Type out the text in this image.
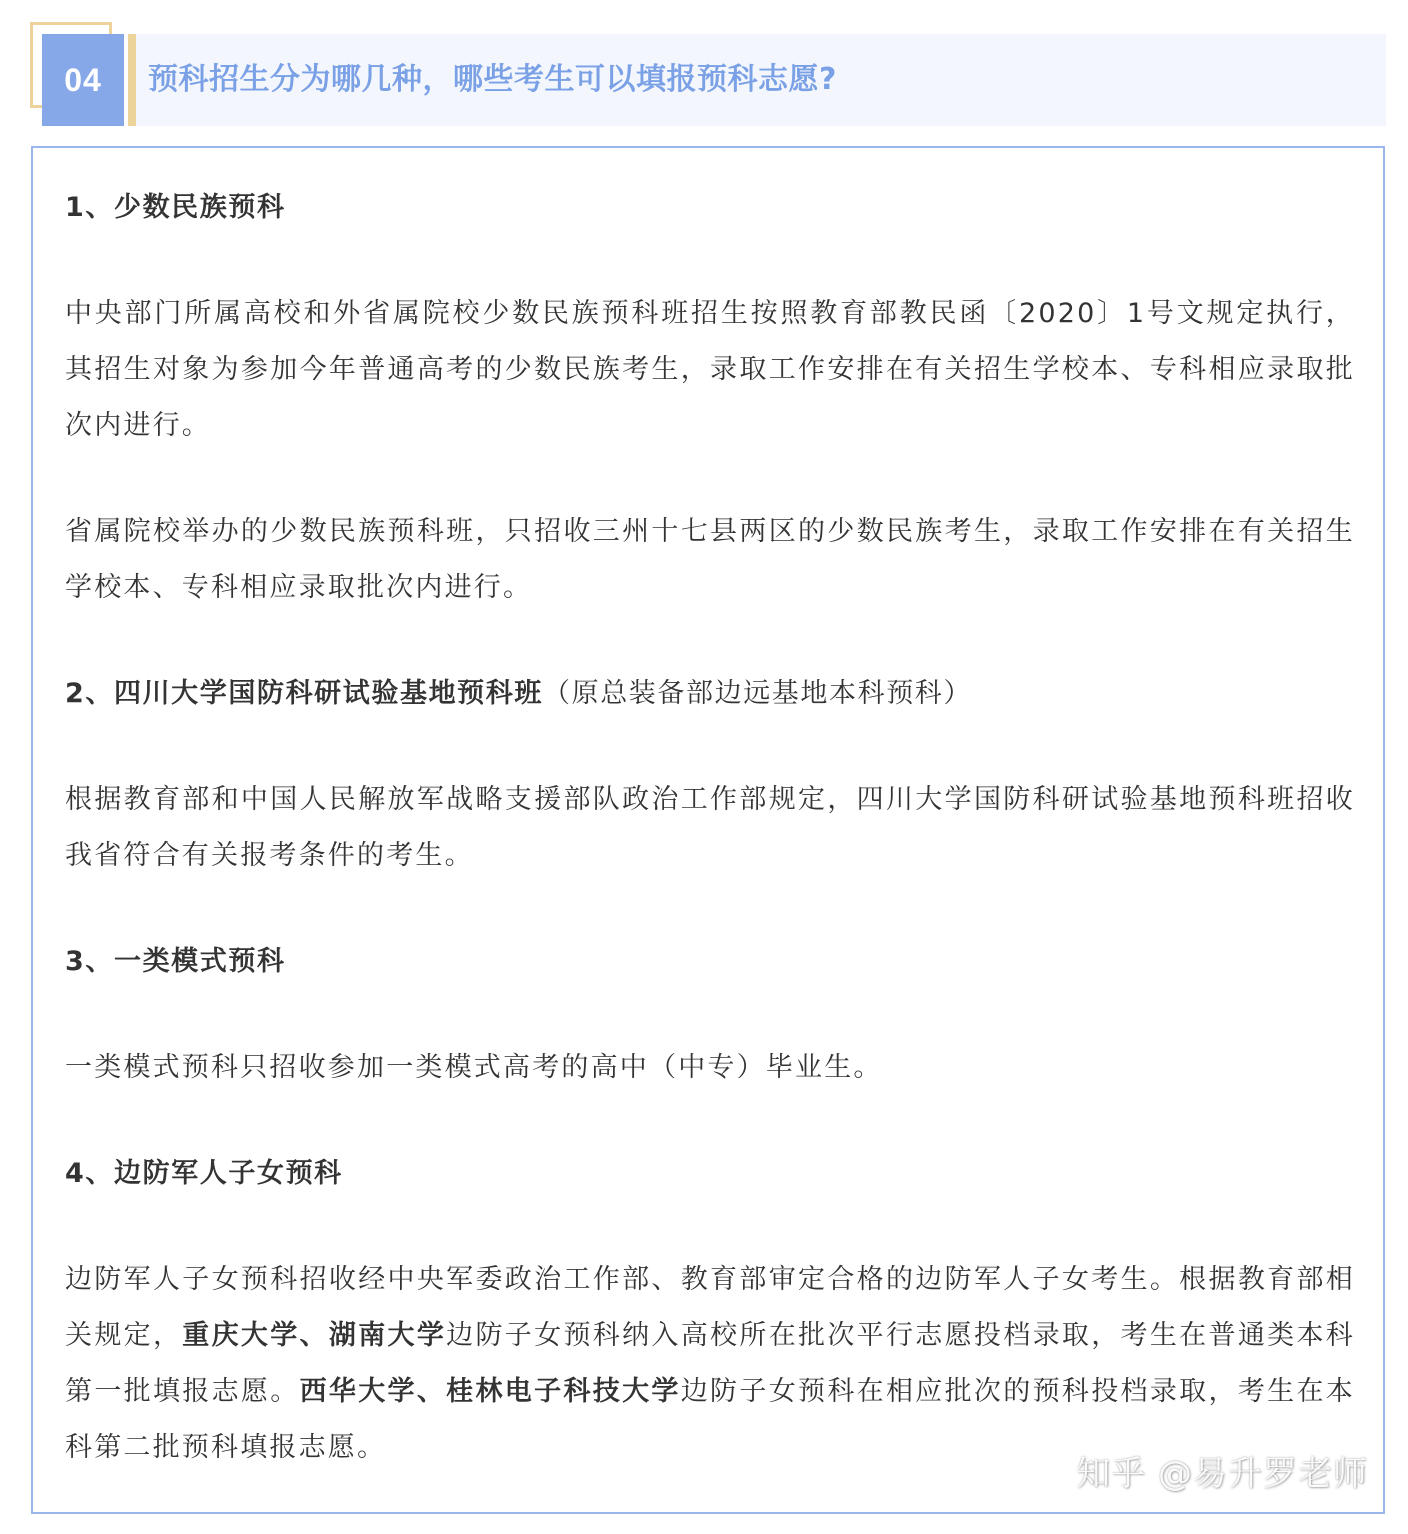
04	预科招生分为哪几种，哪些考生可以填报预科志愿?

1、少数民族预科

中央部门所属高校和外省属院校少数民族预科班招生按照教育部教民函〔2020〕1号文规定执行，其招生对象为参加今年普通高考的少数民族考生，录取工作安排在有关招生学校本、专科相应录取批次内进行。

省属院校举办的少数民族预科班，只招收三州十七县两区的少数民族考生，录取工作安排在有关招生学校本、专科相应录取批次内进行。

2、四川大学国防科研试验基地预科班（原总装备部边远基地本科预科）

根据教育部和中国人民解放军战略支援部队政治工作部规定，四川大学国防科研试验基地预科班招收我省符合有关报考条件的考生。

3、一类模式预科

一类模式预科只招收参加一类模式高考的高中（中专）毕业生。

4、边防军人子女预科

边防军人子女预科招收经中央军委政治工作部、教育部审定合格的边防军人子女考生。根据教育部相关规定，重庆大学、湖南大学边防子女预科纳入高校所在批次平行志愿投档录取，考生在普通类本科第一批填报志愿。西华大学、桂林电子科技大学边防子女预科在相应批次的预科投档录取，考生在本科第二批预科填报志愿。

知乎 @易升罗老师
